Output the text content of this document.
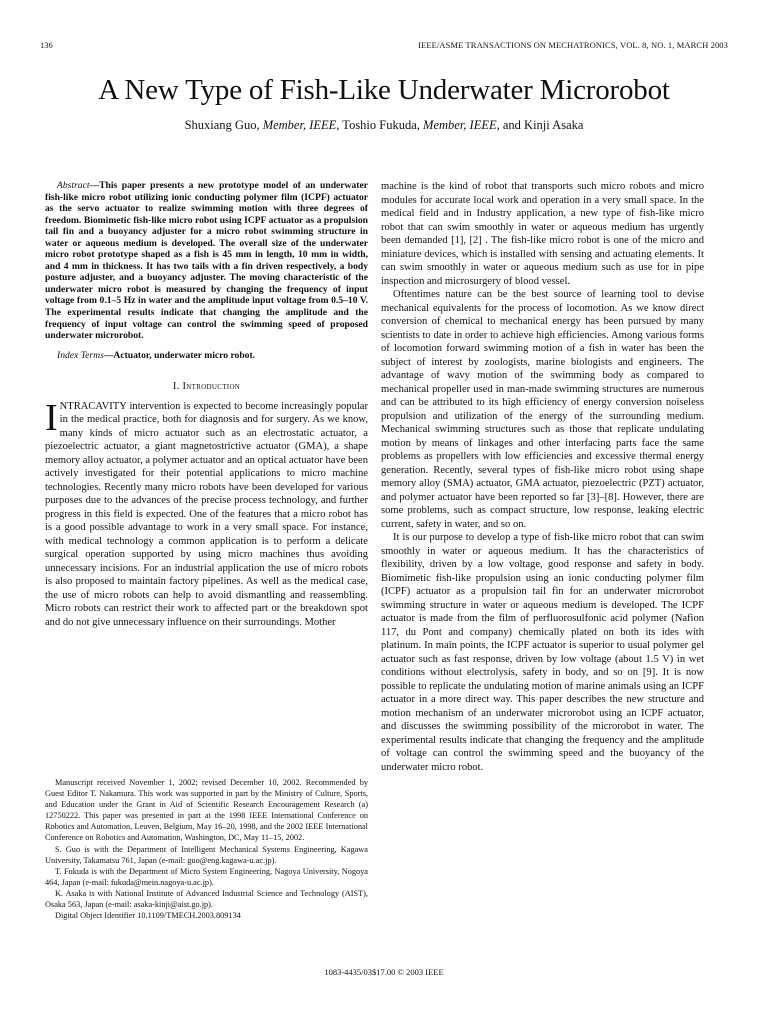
136	IEEE/ASME TRANSACTIONS ON MECHATRONICS, VOL. 8, NO. 1, MARCH 2003
A New Type of Fish-Like Underwater Microrobot
Shuxiang Guo, Member, IEEE, Toshio Fukuda, Member, IEEE, and Kinji Asaka

Abstract—This paper presents a new prototype model of an underwater fish-like micro robot utilizing ionic conducting polymer film (ICPF) actuator as the servo actuator to realize swimming motion with three degrees of freedom. Biomimetic fish-like micro robot using ICPF actuator as a propulsion tail fin and a buoyancy adjuster for a micro robot swimming structure in water or aqueous medium is developed. The overall size of the underwater micro robot prototype shaped as a fish is 45 mm in length, 10 mm in width, and 4 mm in thickness. It has two tails with a fin driven respectively, a body posture adjuster, and a buoyancy adjuster. The moving characteristic of the underwater micro robot is measured by changing the frequency of input voltage from 0.1–5 Hz in water and the amplitude input voltage from 0.5–10 V. The experimental results indicate that changing the amplitude and the frequency of input voltage can control the swimming speed of proposed underwater microrobot.

Index Terms—Actuator, underwater micro robot.

I. Introduction

INTRACAVITY intervention is expected to become increasingly popular in the medical practice, both for diagnosis and for surgery. As we know, many kinds of micro actuator such as an electrostatic actuator, a piezoelectric actuator, a giant magnetostrictive actuator (GMA), a shape memory alloy actuator, a polymer actuator and an optical actuator have been actively investigated for their potential applications to micro machine technologies. Recently many micro robots have been developed for various purposes due to the advances of the precise process technology, and further progress in this field is expected. One of the features that a micro robot has is a good possible advantage to work in a very small space. For instance, with medical technology a common application is to perform a delicate surgical operation supported by using micro machines thus avoiding unnecessary incisions. For an industrial application the use of micro robots is also proposed to maintain factory pipelines. As well as the medical case, the use of micro robots can help to avoid dismantling and reassembling. Micro robots can restrict their work to affected part or the breakdown spot and do not give unnecessary influence on their surroundings. Mother

Manuscript received November 1, 2002; revised December 10, 2002. Recommended by Guest Editor T. Nakamura. This work was supported in part by the Ministry of Culture, Sports, and Education under the Grant in Aid of Scientific Research Encouragement Research (a) 12750222. This paper was presented in part at the 1998 IEEE International Conference on Robotics and Automation, Leuven, Belgium, May 16–20, 1998, and the 2002 IEEE International Conference on Robotics and Automation, Washington, DC, May 11–15, 2002.

S. Guo is with the Department of Intelligent Mechanical Systems Engineering, Kagawa University, Takamatsu 761, Japan (e-mail: guo@eng.kagawa-u.ac.jp).

T. Fukuda is with the Department of Micro System Engineering, Nagoya University, Nogoya 464, Japan (e-mail: fukuda@mein.nagoya-u.ac.jp).

K. Asaka is with National Institute of Advanced Industrial Science and Technology (AIST), Osaka 563, Japan (e-mail: asaka-kinji@aist.go.jp).

Digital Object Identifier 10.1109/TMECH.2003.809134

machine is the kind of robot that transports such micro robots and micro modules for accurate local work and operation in a very small space. In the medical field and in Industry application, a new type of fish-like micro robot that can swim smoothly in water or aqueous medium has urgently been demanded [1], [2] . The fish-like micro robot is one of the micro and miniature devices, which is installed with sensing and actuating elements. It can swim smoothly in water or aqueous medium such as use for in pipe inspection and microsurgery of blood vessel.

Oftentimes nature can be the best source of learning tool to devise mechanical equivalents for the process of locomotion. As we know direct conversion of chemical to mechanical energy has been pursued by many scientists to date in order to achieve high efficiencies. Among various forms of locomotion forward swimming motion of a fish in water has been the subject of interest by zoologists, marine biologists and engineers. The advantage of wavy motion of the swimming body as compared to mechanical propeller used in man-made swimming structures are numerous and can be attributed to its high efficiency of energy conversion noiseless propulsion and utilization of the energy of the surrounding medium. Mechanical swimming structures such as those that replicate undulating motion by means of linkages and other interfacing parts face the same problems as propellers with low efficiencies and excessive thermal energy generation. Recently, several types of fish-like micro robot using shape memory alloy (SMA) actuator, GMA actuator, piezoelectric (PZT) actuator, and polymer actuator have been reported so far [3]–[8]. However, there are some problems, such as compact structure, low response, leaking electric current, safety in water, and so on.

It is our purpose to develop a type of fish-like micro robot that can swim smoothly in water or aqueous medium. It has the characteristics of flexibility, driven by a low voltage, good response and safety in body. Biomimetic fish-like propulsion using an ionic conducting polymer film (ICPF) actuator as a propulsion tail fin for an underwater microrobot swimming structure in water or aqueous medium is developed. The ICPF actuator is made from the film of perfluorosulfonic acid polymer (Nafion 117, du Pont and company) chemically plated on both its ides with platinum. In main points, the ICPF actuator is superior to usual polymer gel actuator such as fast response, driven by low voltage (about 1.5 V) in wet conditions without electrolysis, safety in body, and so on [9]. It is now possible to replicate the undulating motion of marine animals using an ICPF actuator in a more direct way. This paper describes the new structure and motion mechanism of an underwater microrobot using an ICPF actuator, and discusses the swimming possibility of the microrobot in water. The experimental results indicate that changing the frequency and the amplitude of voltage can control the swimming speed and the buoyancy of the underwater micro robot.

1083-4435/03$17.00 © 2003 IEEE
